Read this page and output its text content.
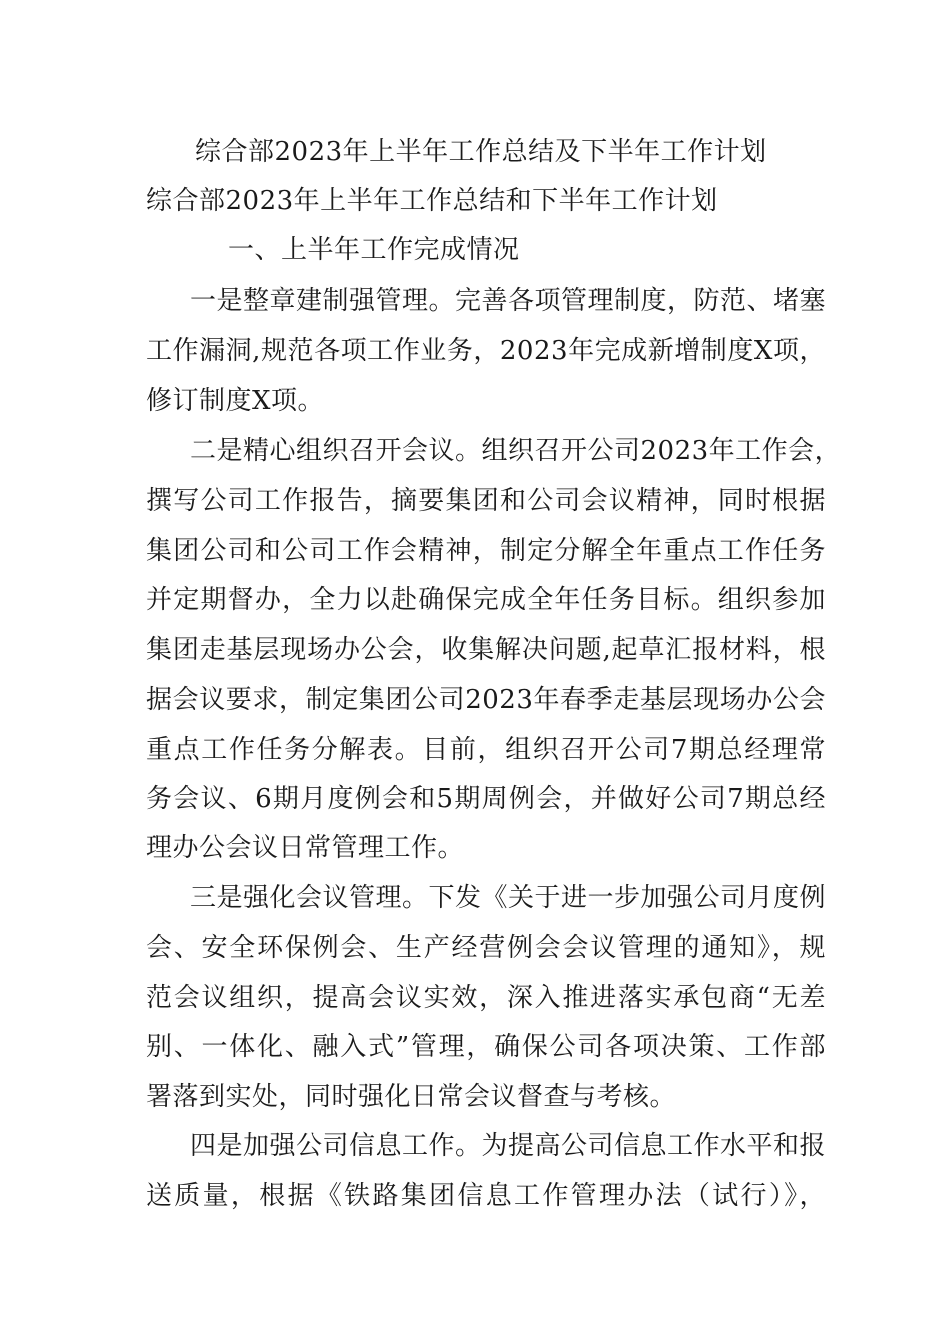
综合部2023年上半年工作总结及下半年工作计划

综合部2023年上半年工作总结和下半年工作计划

一、上半年工作完成情况

一是整章建制强管理。完善各项管理制度，防范、堵塞

工作漏洞,规范各项工作业务，2023年完成新增制度X项，

修订制度X项。

二是精心组织召开会议。组织召开公司2023年工作会，

撰写公司工作报告，摘要集团和公司会议精神，同时根据

集团公司和公司工作会精神，制定分解全年重点工作任务

并定期督办，全力以赴确保完成全年任务目标。组织参加

集团走基层现场办公会，收集解决问题,起草汇报材料，根

据会议要求，制定集团公司2023年春季走基层现场办公会

重点工作任务分解表。目前，组织召开公司7期总经理常

务会议、6期月度例会和5期周例会，并做好公司7期总经

理办公会议日常管理工作。

三是强化会议管理。下发《关于进一步加强公司月度例

会、安全环保例会、生产经营例会会议管理的通知》，规

范会议组织，提高会议实效，深入推进落实承包商“无差

别、一体化、融入式”管理，确保公司各项决策、工作部

署落到实处，同时强化日常会议督查与考核。

四是加强公司信息工作。为提高公司信息工作水平和报

送质量，根据《铁路集团信息工作管理办法（试行）》，
